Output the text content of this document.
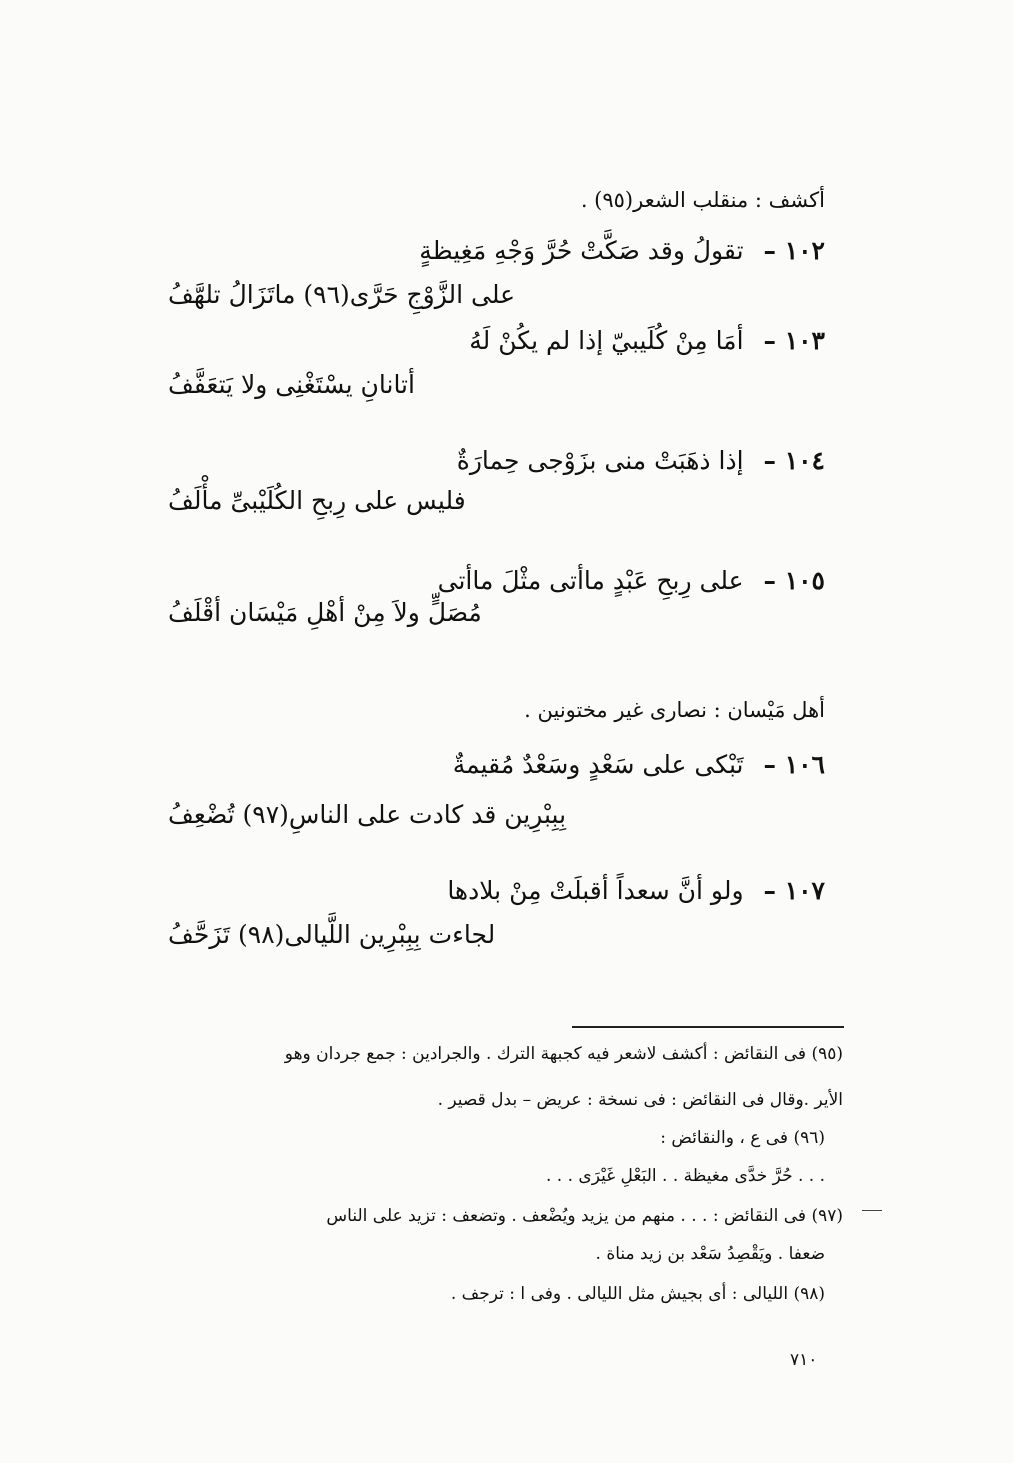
أكشف : منقلب الشعر(٩٥) .
١٠٢ – تقولُ وقد صَكَّتْ حُرَّ وَجْهِ مَغِيظةٍ
على الزَّوْجِ حَرَّى(٩٦) ماتَزَالُ تلهَّفُ
١٠٣ – أمَا مِنْ كُلَيبيّ إذا لم يكُنْ لَهُ
أتانانِ يسْتَغْنِى ولا يَتعَفَّفُ
١٠٤ – إذا ذهَبَتْ منى بزَوْجى حِمارَةٌ
فليس على رِبحِ الكُلَيْبىِّ مأْلَفُ
١٠٥ – على رِبحِ عَبْدٍ ماأتى مثْلَ ماأتى
مُصَلٍّ ولاَ مِنْ أهْلِ مَيْسَان أقْلَفُ
أهل مَيْسان : نصارى غير مختونين .
١٠٦ – تَبْكى على سَعْدٍ وسَعْدٌ مُقيمةٌ
بِبِبْرِين قد كادت على الناسِ(٩٧) تُضْعِفُ
١٠٧ – ولو أنَّ سعداً أقبلَتْ مِنْ بلادها
لجاءت بِبِبْرِين اللَّيالى(٩٨) تَزَحَّفُ
(٩٥) فى النقائض : أكشف لاشعر فيه كجبهة الترك . والجرادين : جمع جردان وهو
الأير .وقال فى النقائض : فى نسخة : عريض – بدل قصير .
(٩٦) فى ع ، والنقائض :
. . . حُرَّ خدَّى مغيظة . . البَعْلِ غَيْرَى . . .
(٩٧) فى النقائض : . . . منهم من يزيد ويُضْعف . وتضعف : تزيد على الناس
ضعفا . ويَقْصِدُ سَعْد بن زيد مناة .
(٩٨) الليالى : أى بجيش مثل الليالى . وفى ا : ترجف .
٧١٠
